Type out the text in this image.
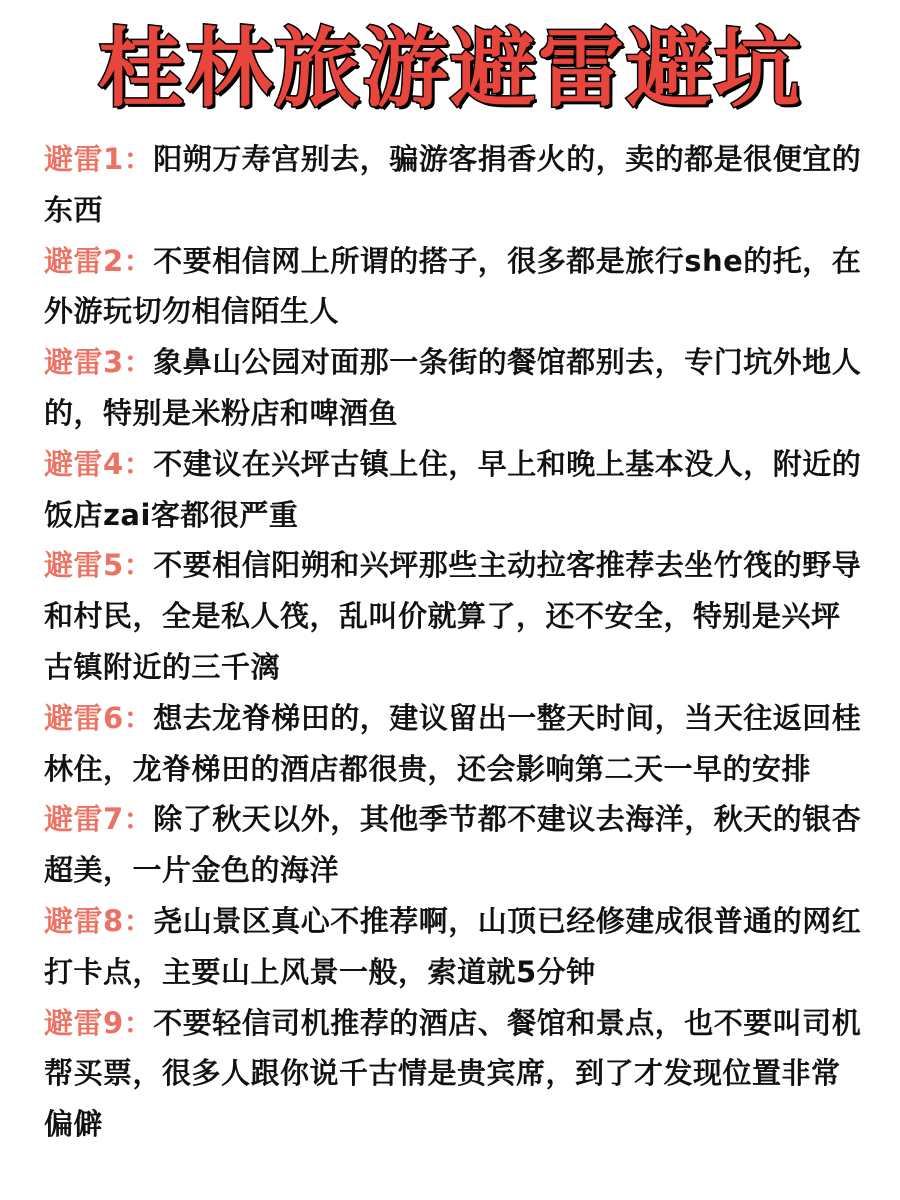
桂林旅游避雷避坑
避雷1：阳朔万寿宫别去，骗游客捐香火的，卖的都是很便宜的东西
避雷2：不要相信网上所谓的搭子，很多都是旅行she的托，在外游玩切勿相信陌生人
避雷3：象鼻山公园对面那一条街的餐馆都别去，专门坑外地人的，特别是米粉店和啤酒鱼
避雷4：不建议在兴坪古镇上住，早上和晚上基本没人，附近的饭店zai客都很严重
避雷5：不要相信阳朔和兴坪那些主动拉客推荐去坐竹筏的野导和村民，全是私人筏，乱叫价就算了，还不安全，特别是兴坪古镇附近的三千漓
避雷6：想去龙脊梯田的，建议留出一整天时间，当天往返回桂林住，龙脊梯田的酒店都很贵，还会影响第二天一早的安排
避雷7：除了秋天以外，其他季节都不建议去海洋，秋天的银杏超美，一片金色的海洋
避雷8：尧山景区真心不推荐啊，山顶已经修建成很普通的网红打卡点，主要山上风景一般，索道就5分钟
避雷9：不要轻信司机推荐的酒店、餐馆和景点，也不要叫司机帮买票，很多人跟你说千古情是贵宾席，到了才发现位置非常偏僻
